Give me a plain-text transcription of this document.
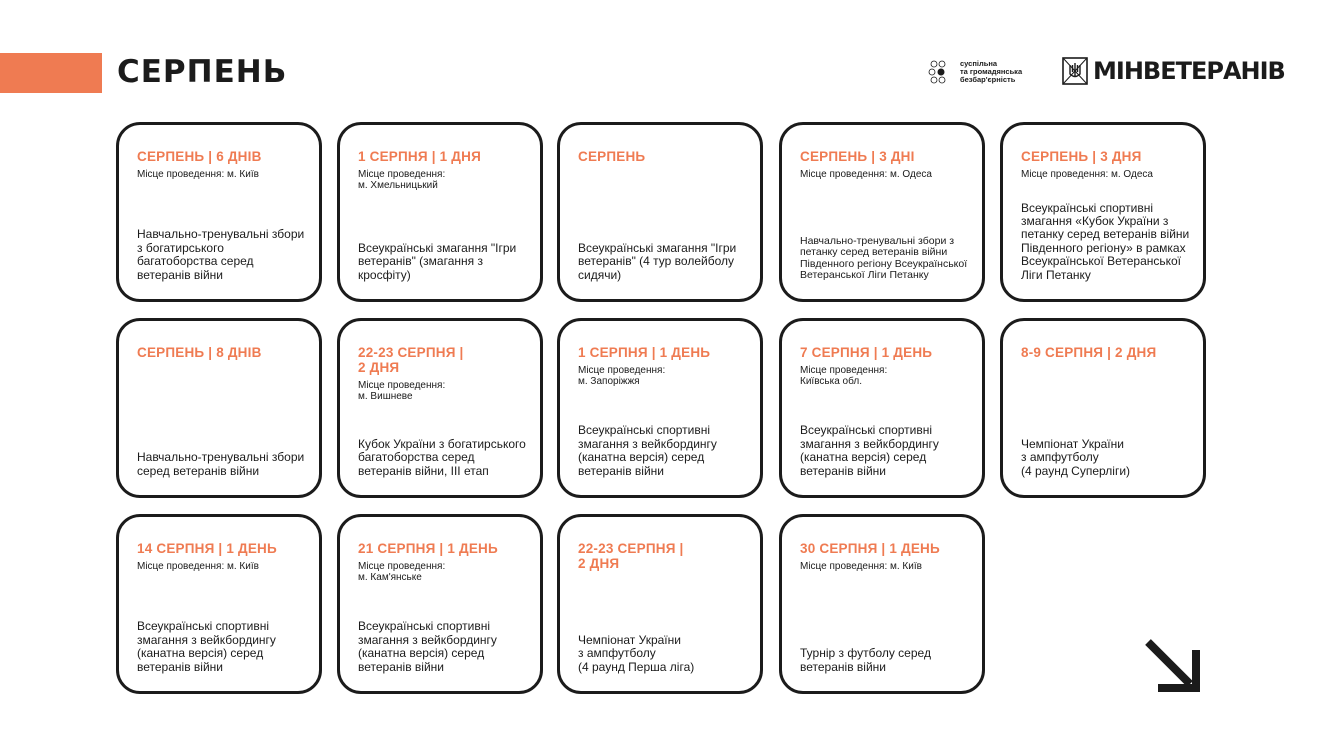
СЕРПЕНЬ	суспільна
та громадянська
безбар'єрність	МІНВЕТЕРАНІВ
СЕРПЕНЬ | 6 ДНІВ
Місце проведення: м. Київ
Навчально-тренувальні збори з богатирського багатоборства серед ветеранів війни
1 СЕРПНЯ | 1 ДНЯ
Місце проведення:
м. Хмельницький
Всеукраїнські змагання "Ігри ветеранів" (змагання з кросфіту)
СЕРПЕНЬ
Всеукраїнські змагання "Ігри ветеранів" (4 тур волейболу сидячи)
СЕРПЕНЬ | 3 ДНІ
Місце проведення: м. Одеса
Навчально-тренувальні збори з петанку серед ветеранів війни Південного регіону Всеукраїнської Ветеранської Ліги Петанку
СЕРПЕНЬ | 3 ДНЯ
Місце проведення: м. Одеса
Всеукраїнські спортивні змагання «Кубок України з петанку серед ветеранів війни Південного регіону» в рамках Всеукраїнської Ветеранської Ліги Петанку
СЕРПЕНЬ | 8 ДНІВ
Навчально-тренувальні збори серед ветеранів війни
22-23 СЕРПНЯ |
2 ДНЯ
Місце проведення:
м. Вишневе
Кубок України з богатирського багатоборства серед ветеранів війни, III етап
1 СЕРПНЯ | 1 ДЕНЬ
Місце проведення:
м. Запоріжжя
Всеукраїнські спортивні змагання з вейкбордингу (канатна версія) серед ветеранів війни
7 СЕРПНЯ | 1 ДЕНЬ
Місце проведення:
Київська обл.
Всеукраїнські спортивні змагання з вейкбордингу (канатна версія) серед ветеранів війни
8-9 СЕРПНЯ | 2 ДНЯ
Чемпіонат України
з ампфутболу
(4 раунд Суперліги)
14 СЕРПНЯ | 1 ДЕНЬ
Місце проведення: м. Київ
Всеукраїнські спортивні змагання з вейкбордингу (канатна версія) серед ветеранів війни
21 СЕРПНЯ | 1 ДЕНЬ
Місце проведення:
м. Кам'янське
Всеукраїнські спортивні змагання з вейкбордингу (канатна версія) серед ветеранів війни
22-23 СЕРПНЯ |
2 ДНЯ
Чемпіонат України
з ампфутболу
(4 раунд Перша ліга)
30 СЕРПНЯ | 1 ДЕНЬ
Місце проведення: м. Київ
Турнір з футболу серед ветеранів війни
